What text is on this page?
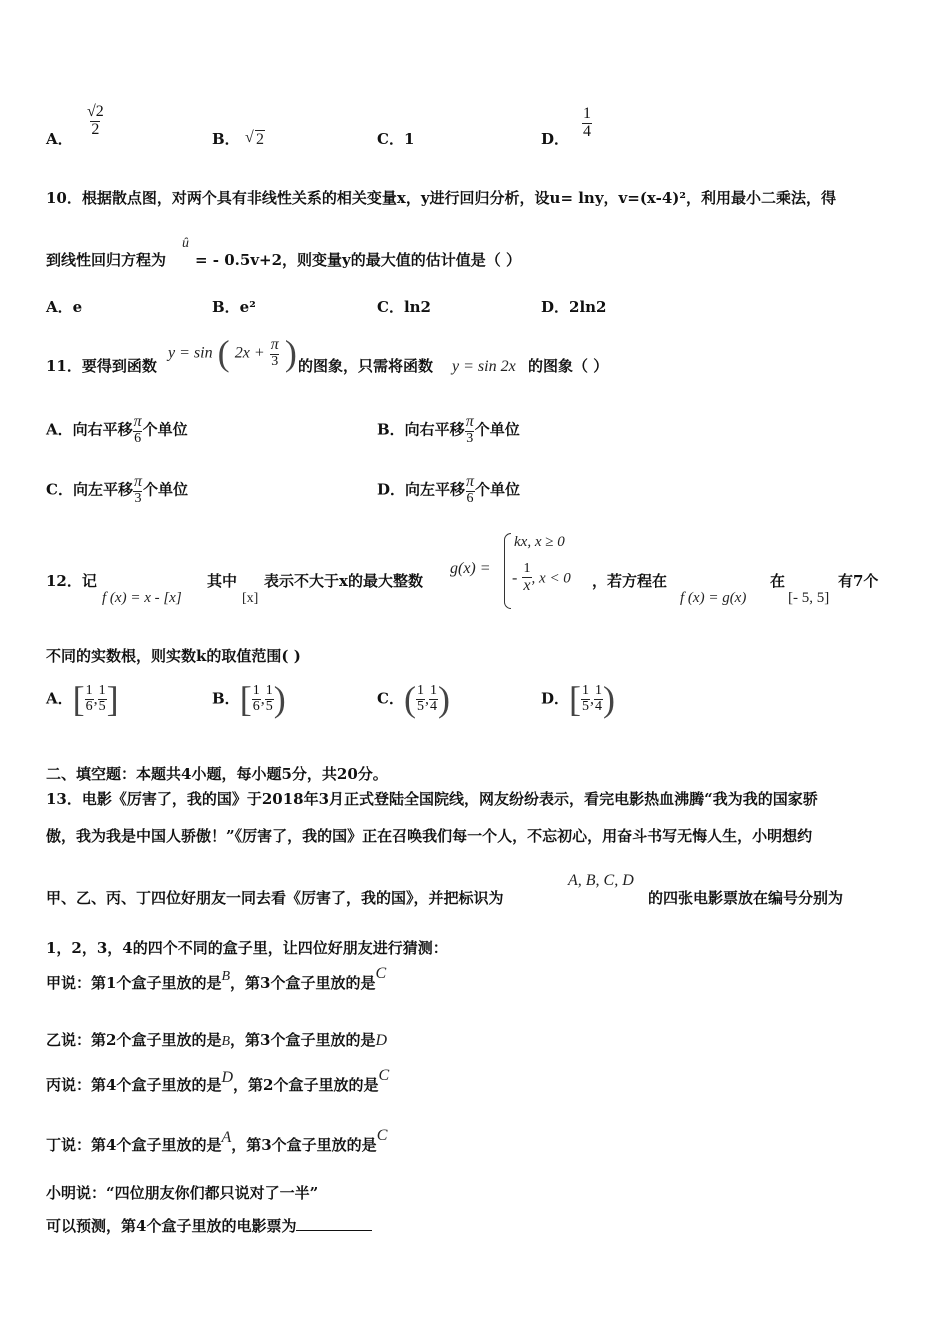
A．
$\frac{√2}{2}$
B．
√	2	C．1	D． $\frac{1}{4}$
10．根据散点图，对两个具有非线性关系的相关变量x，y进行回归分析，设u= lny，v=(x-4)²，利用最小二乘法，得
到线性回归方程为
û
= - 0.5v+2，则变量y的最大值的估计值是（ ）
A．e	B．e²	C．ln2	D．2ln2
11．要得到函数
y = sin ( $2x + \frac{\pi}{3}$ ) 的图象，只需将函数 y = sin 2x 的图象（ ）
A．向右平移 $\frac{\pi}{6}$ 个单位	B．向右平移 $\frac{\pi}{3}$ 个单位
C．向左平移 $\frac{\pi}{3}$ 个单位	D．向左平移 $\frac{\pi}{6}$ 个单位
12．记
f (x) = x - [x]
其中
[x]
表示不大于x的最大整数
g(x) =
kx, x ≥ 0
- $\frac{1}{x}$ , x < 0 ，若方程在
f (x) = g(x)
在
[- 5, 5]
有7个
不同的实数根，则实数k的取值范围( )
A．[ $\frac{1}{6}$ , $\frac{1}{5}$ ]	B．[ $\frac{1}{6}$ , $\frac{1}{5}$ )	C．( $\frac{1}{5}$ , $\frac{1}{4}$ )	D．[ $\frac{1}{5}$ , $\frac{1}{4}$ )
二、填空题：本题共4小题，每小题5分，共20分。
13．电影《厉害了，我的国》于2018年3月正式登陆全国院线，网友纷纷表示，看完电影热血沸腾“我为我的国家骄
傲，我为我是中国人骄傲！”《厉害了，我的国》正在召唤我们每一个人，不忘初心，用奋斗书写无悔人生，小明想约
甲、乙、丙、丁四位好朋友一同去看《厉害了，我的国》，并把标识为
A, B, C, D
的四张电影票放在编号分别为
1，2，3，4的四个不同的盒子里，让四位好朋友进行猜测：
甲说：第1个盒子里放的是B，第3个盒子里放的是C
乙说：第2个盒子里放的是B，第3个盒子里放的是D
丙说：第4个盒子里放的是D，第2个盒子里放的是C
丁说：第4个盒子里放的是A，第3个盒子里放的是C
小明说：“四位朋友你们都只说对了一半”
可以预测，第4个盒子里放的电影票为
